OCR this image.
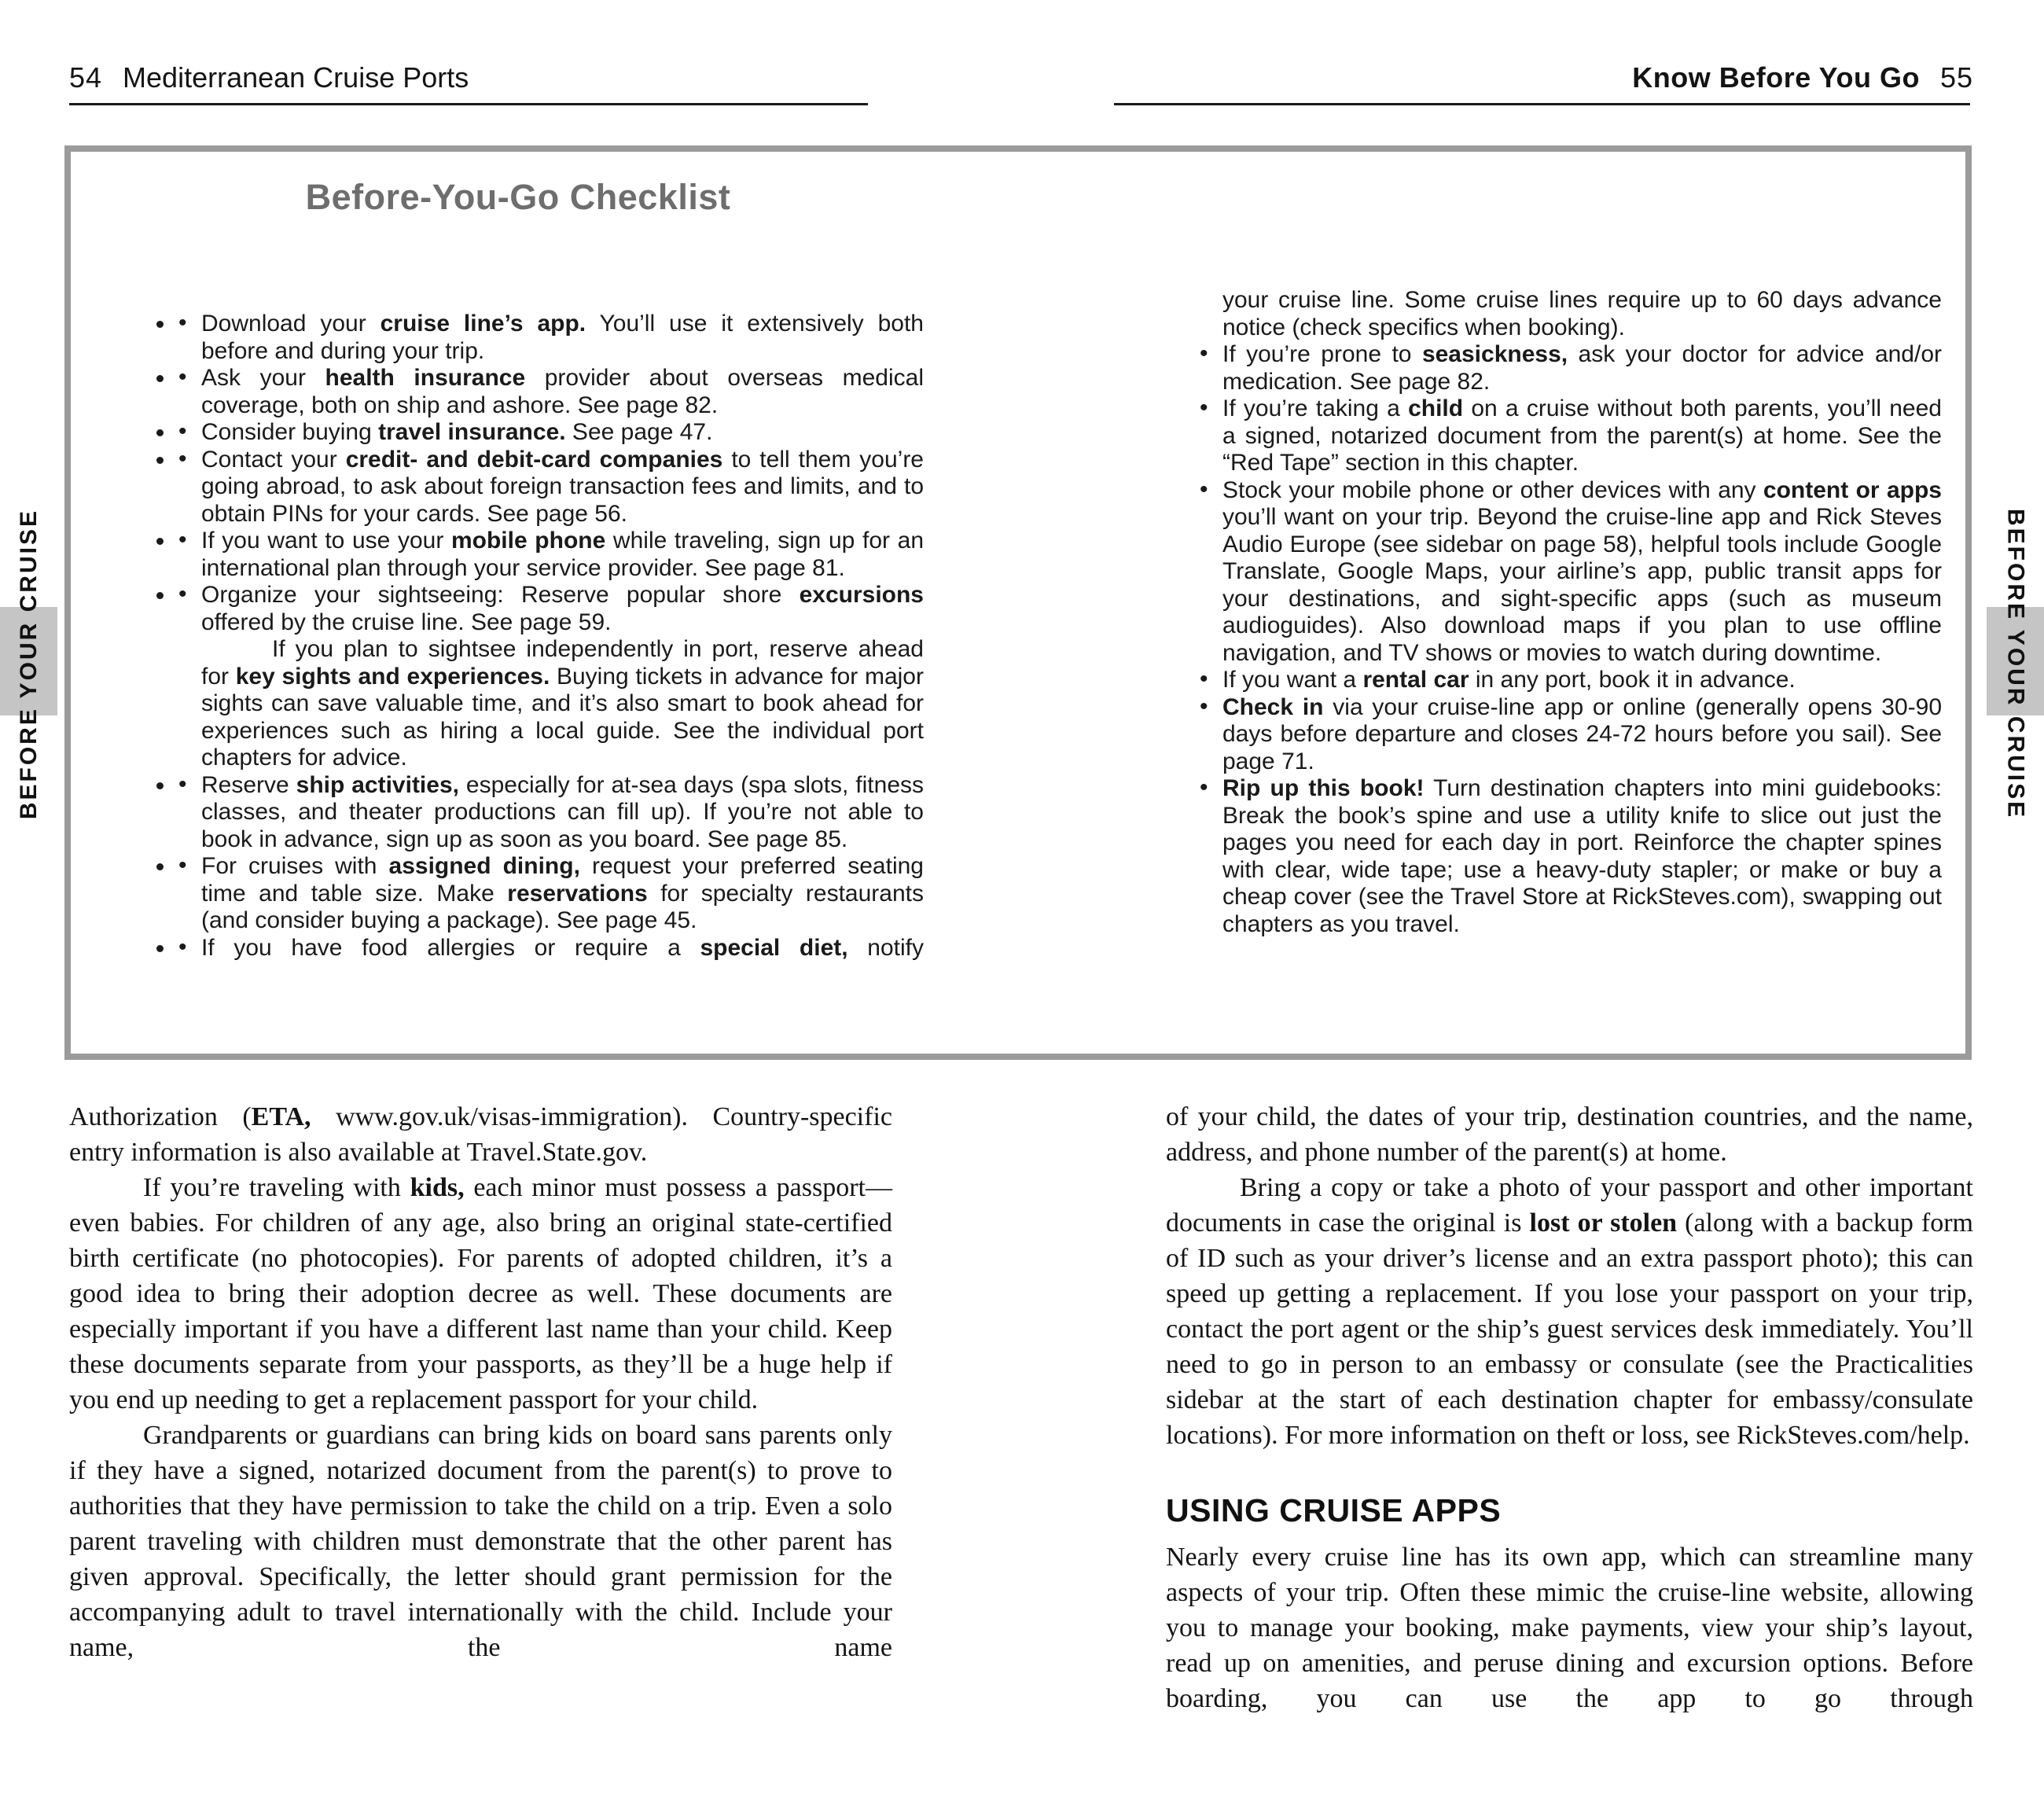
54 Mediterranean Cruise Ports	Know Before You Go 55
Before-You-Go Checklist
• • Download your cruise line’s app. You’ll use it extensively both before and during your trip.
• • Ask your health insurance provider about overseas medical coverage, both on ship and ashore. See page 82.
• • Consider buying travel insurance. See page 47.
• • Contact your credit- and debit-card companies to tell them you’re going abroad, to ask about foreign transaction fees and limits, and to obtain PINs for your cards. See page 56.
• • If you want to use your mobile phone while traveling, sign up for an international plan through your service provider. See page 81.
• • Organize your sightseeing: Reserve popular shore excursions offered by the cruise line. See page 59.

If you plan to sightsee independently in port, reserve ahead for key sights and experiences. Buying tickets in advance for major sights can save valuable time, and it’s also smart to book ahead for experiences such as hiring a local guide. See the individual port chapters for advice.

• • Reserve ship activities, especially for at-sea days (spa slots, fitness classes, and theater productions can fill up). If you’re not able to book in advance, sign up as soon as you board. See page 85.
• • For cruises with assigned dining, request your preferred seating time and table size. Make reservations for specialty restaurants (and consider buying a package). See page 45.
• • If you have food allergies or require a special diet, notify

your cruise line. Some cruise lines require up to 60 days advance notice (check specifics when booking).

• If you’re prone to seasickness, ask your doctor for advice and/or medication. See page 82.
• If you’re taking a child on a cruise without both parents, you’ll need a signed, notarized document from the parent(s) at home. See the “Red Tape” section in this chapter.
• Stock your mobile phone or other devices with any content or apps you’ll want on your trip. Beyond the cruise-line app and Rick Steves Audio Europe (see sidebar on page 58), helpful tools include Google Translate, Google Maps, your airline’s app, public transit apps for your destinations, and sight-specific apps (such as museum audioguides). Also download maps if you plan to use offline navigation, and TV shows or movies to watch during downtime.
• If you want a rental car in any port, book it in advance.
• Check in via your cruise-line app or online (generally opens 30-90 days before departure and closes 24-72 hours before you sail). See page 71.
• Rip up this book! Turn destination chapters into mini guidebooks: Break the book’s spine and use a utility knife to slice out just the pages you need for each day in port. Reinforce the chapter spines with clear, wide tape; use a heavy-duty stapler; or make or buy a cheap cover (see the Travel Store at RickSteves.com), swapping out chapters as you travel.
BEFORE YOUR CRUISE	BEFORE YOUR CRUISE

Authorization (ETA, www.gov.uk/visas-immigration). Country-specific entry information is also available at Travel.State.gov.

If you’re traveling with kids, each minor must possess a passport—even babies. For children of any age, also bring an original state-certified birth certificate (no photocopies). For parents of adopted children, it’s a good idea to bring their adoption decree as well. These documents are especially important if you have a different last name than your child. Keep these documents separate from your passports, as they’ll be a huge help if you end up needing to get a replacement passport for your child.

Grandparents or guardians can bring kids on board sans parents only if they have a signed, notarized document from the parent(s) to prove to authorities that they have permission to take the child on a trip. Even a solo parent traveling with children must demonstrate that the other parent has given approval. Specifically, the letter should grant permission for the accompanying adult to travel internationally with the child. Include your name, the name

of your child, the dates of your trip, destination countries, and the name, address, and phone number of the parent(s) at home.

Bring a copy or take a photo of your passport and other important documents in case the original is lost or stolen (along with a backup form of ID such as your driver’s license and an extra passport photo); this can speed up getting a replacement. If you lose your passport on your trip, contact the port agent or the ship’s guest services desk immediately. You’ll need to go in person to an embassy or consulate (see the Practicalities sidebar at the start of each destination chapter for embassy/consulate locations). For more information on theft or loss, see RickSteves.com/help.

USING CRUISE APPS

Nearly every cruise line has its own app, which can streamline many aspects of your trip. Often these mimic the cruise-line website, allowing you to manage your booking, make payments, view your ship’s layout, read up on amenities, and peruse dining and excursion options. Before boarding, you can use the app to go through
